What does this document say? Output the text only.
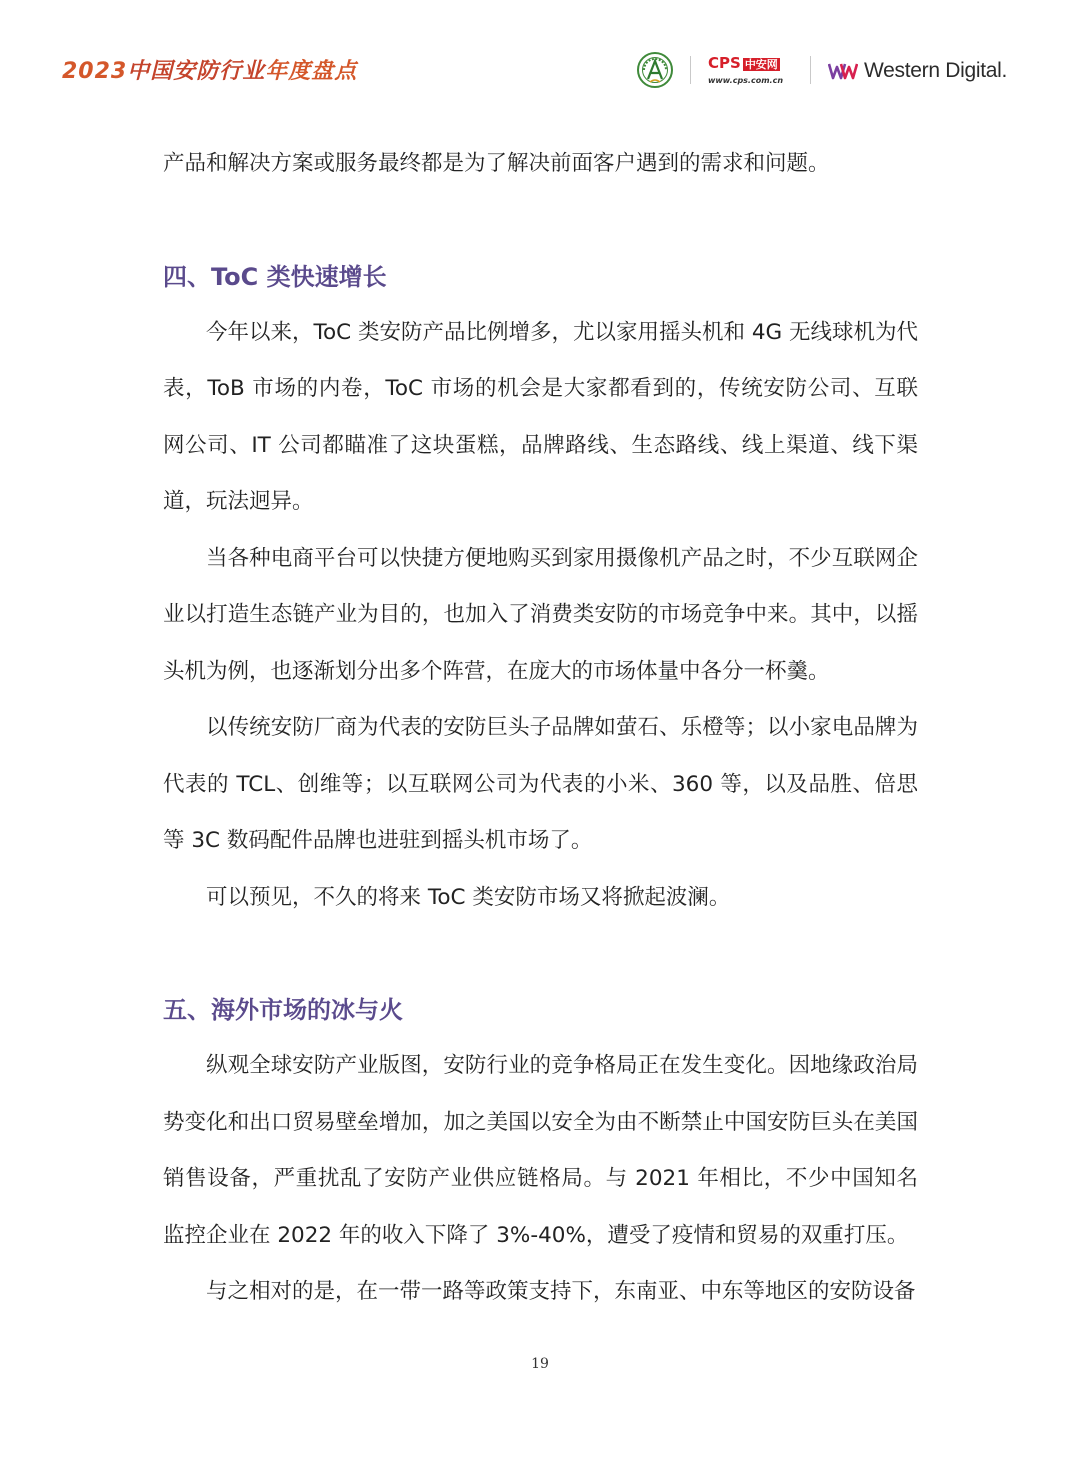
2023中国安防行业年度盘点	CPS 中安网
www.cps.com.cn	Western Digital.

产品和解决方案或服务最终都是为了解决前面客户遇到的需求和问题。

四、ToC 类快速增长

今年以来，ToC 类安防产品比例增多，尤以家用摇头机和 4G 无线球机为代表，ToB 市场的内卷，ToC 市场的机会是大家都看到的，传统安防公司、互联网公司、IT 公司都瞄准了这块蛋糕，品牌路线、生态路线、线上渠道、线下渠道，玩法迥异。

当各种电商平台可以快捷方便地购买到家用摄像机产品之时，不少互联网企业以打造生态链产业为目的，也加入了消费类安防的市场竞争中来。其中，以摇头机为例，也逐渐划分出多个阵营，在庞大的市场体量中各分一杯羹。

以传统安防厂商为代表的安防巨头子品牌如萤石、乐橙等；以小家电品牌为代表的 TCL、创维等；以互联网公司为代表的小米、360 等，以及品胜、倍思等 3C 数码配件品牌也进驻到摇头机市场了。

可以预见，不久的将来 ToC 类安防市场又将掀起波澜。

五、海外市场的冰与火

纵观全球安防产业版图，安防行业的竞争格局正在发生变化。因地缘政治局势变化和出口贸易壁垒增加，加之美国以安全为由不断禁止中国安防巨头在美国销售设备，严重扰乱了安防产业供应链格局。与 2021 年相比，不少中国知名监控企业在 2022 年的收入下降了 3%-40%，遭受了疫情和贸易的双重打压。

与之相对的是，在一带一路等政策支持下，东南亚、中东等地区的安防设备

19
